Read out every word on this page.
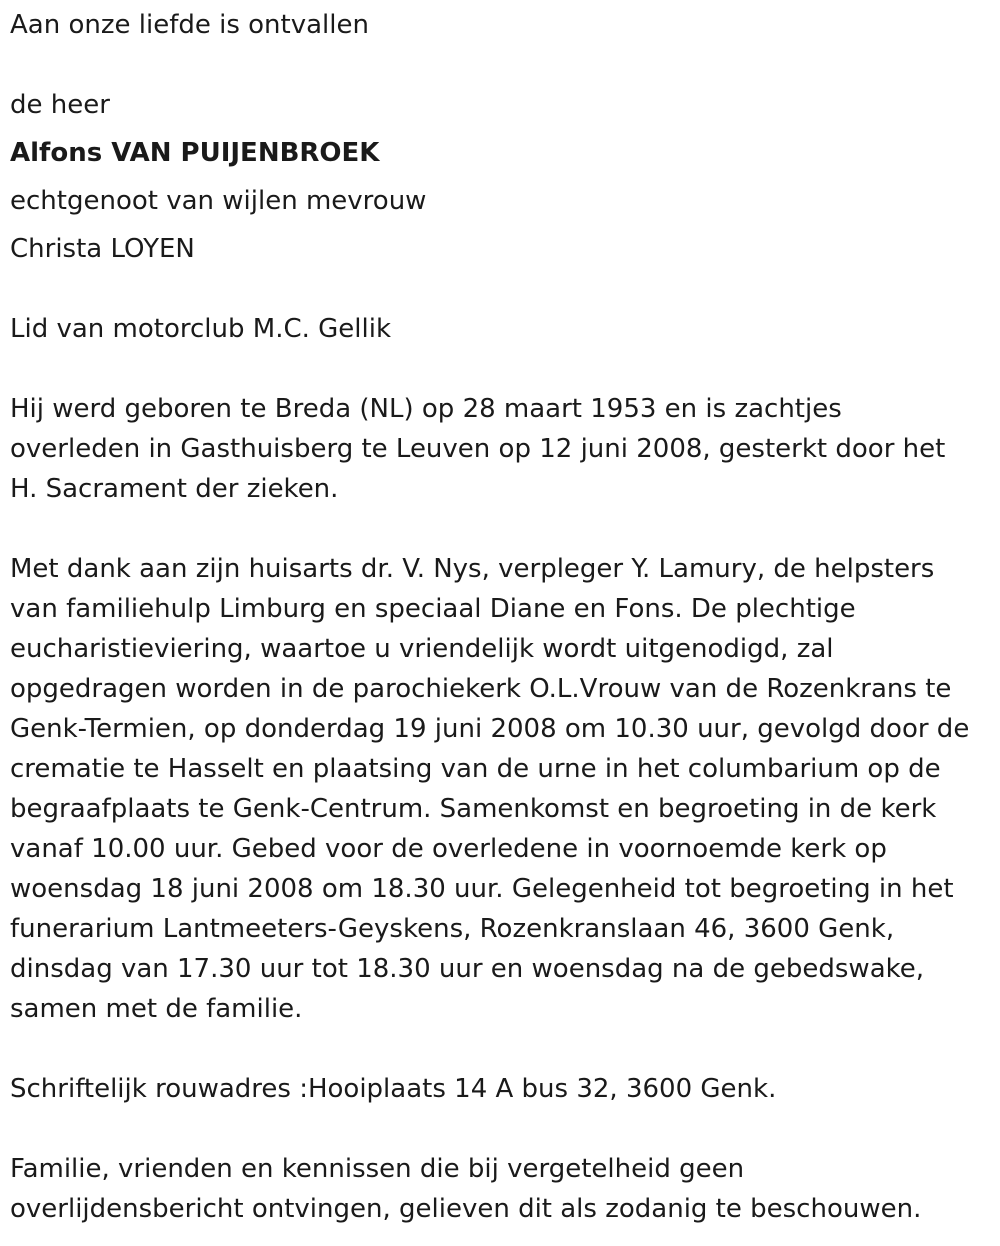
Aan onze liefde is ontvallen

de heer

Alfons VAN PUIJENBROEK

echtgenoot van wijlen mevrouw

Christa LOYEN

Lid van motorclub M.C. Gellik

Hij werd geboren te Breda (NL) op 28 maart 1953 en is zachtjes

overleden in Gasthuisberg te Leuven op 12 juni 2008, gesterkt door het

H. Sacrament der zieken.

Met dank aan zijn huisarts dr. V. Nys, verpleger Y. Lamury, de helpsters

van familiehulp Limburg en speciaal Diane en Fons. De plechtige

eucharistieviering, waartoe u vriendelijk wordt uitgenodigd, zal

opgedragen worden in de parochiekerk O.L.Vrouw van de Rozenkrans te

Genk-Termien, op donderdag 19 juni 2008 om 10.30 uur, gevolgd door de

crematie te Hasselt en plaatsing van de urne in het columbarium op de

begraafplaats te Genk-Centrum. Samenkomst en begroeting in de kerk

vanaf 10.00 uur. Gebed voor de overledene in voornoemde kerk op

woensdag 18 juni 2008 om 18.30 uur. Gelegenheid tot begroeting in het

funerarium Lantmeeters-Geyskens, Rozenkranslaan 46, 3600 Genk,

dinsdag van 17.30 uur tot 18.30 uur en woensdag na de gebedswake,

samen met de familie.

Schriftelijk rouwadres :Hooiplaats 14 A bus 32, 3600 Genk.

Familie, vrienden en kennissen die bij vergetelheid geen

overlijdensbericht ontvingen, gelieven dit als zodanig te beschouwen.
